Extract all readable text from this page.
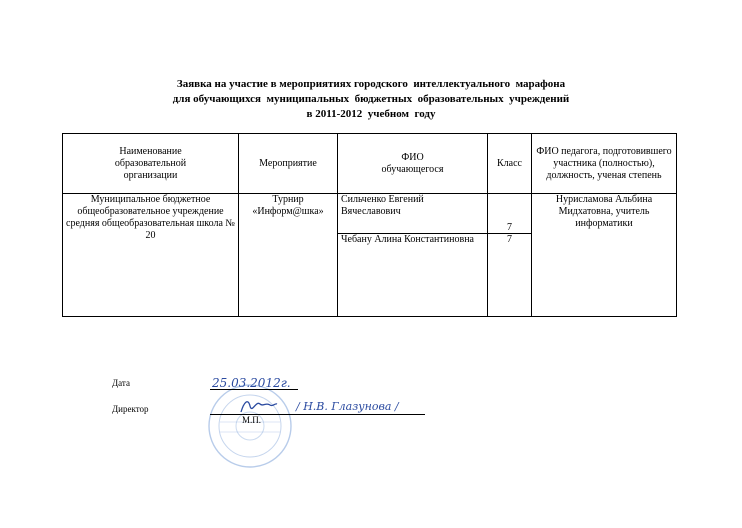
Заявка на участие в мероприятиях городского  интеллектуального  марафона
для обучающихся  муниципальных  бюджетных  образовательных  учреждений
в 2011-2012  учебном  году
Наименование образовательной организации	Мероприятие	ФИО обучающегося	Класс	ФИО педагога, подготовившего участника (полностью), должность, ученая степень
Муниципальное бюджетное общеобразовательное учреждение средняя общеобразовательная школа № 20	Турнир «Информ@шка»	Сильченко Евгений Вячеславович	7	Нурисламова Альбина Мидхатовна, учитель информатики
		Чебану Алина Константиновна	7	
Дата	25.03.2012г.
Директор	/ Н.В. Глазунова /
М.П.
